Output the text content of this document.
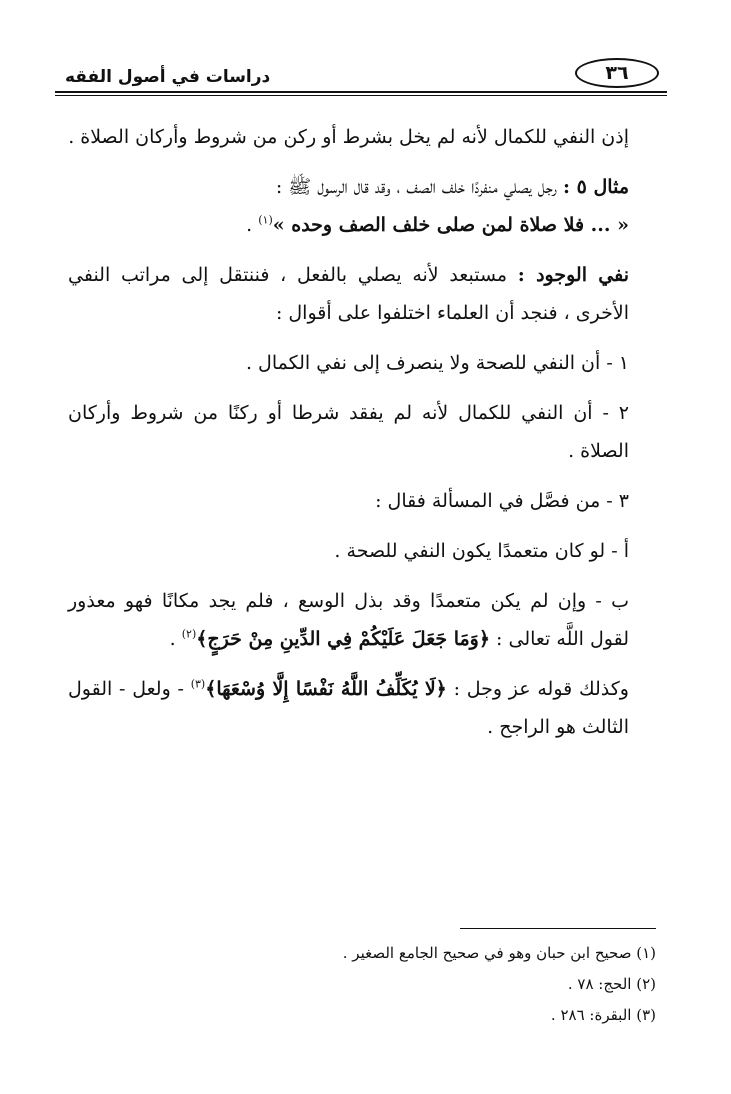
دراسات في أصول الفقه	٣٦

إذن النفي للكمال لأنه لم يخل بشرط أو ركن من شروط وأركان الصلاة .

مثال ٥ : رجل يصلي منفردًا خلف الصف ، وقد قال الرسول ﷺ :
« ... فلا صلاة لمن صلى خلف الصف وحده »$^{(١)}$ .

نفي الوجود : مستبعد لأنه يصلي بالفعل ، فننتقل إلى مراتب النفي الأخرى ، فنجد أن العلماء اختلفوا على أقوال :

١ - أن النفي للصحة ولا ينصرف إلى نفي الكمال .

٢ - أن النفي للكمال لأنه لم يفقد شرطا أو ركنًا من شروط وأركان الصلاة .

٣ - من فصَّل في المسألة فقال :

أ - لو كان متعمدًا يكون النفي للصحة .

ب - وإن لم يكن متعمدًا وقد بذل الوسع ، فلم يجد مكانًا فهو معذور لقول اللَّه تعالى : ﴿وَمَا جَعَلَ عَلَيْكُمْ فِي الدِّينِ مِنْ حَرَجٍ﴾$^{(٢)}$ .

وكذلك قوله عز وجل : ﴿لَا يُكَلِّفُ اللَّهُ نَفْسًا إِلَّا وُسْعَهَا﴾$^{(٣)}$ - ولعل - القول الثالث هو الراجح .

(١) صحيح ابن حبان وهو في صحيح الجامع الصغير .
(٢) الحج: ٧٨ .
(٣) البقرة: ٢٨٦ .
